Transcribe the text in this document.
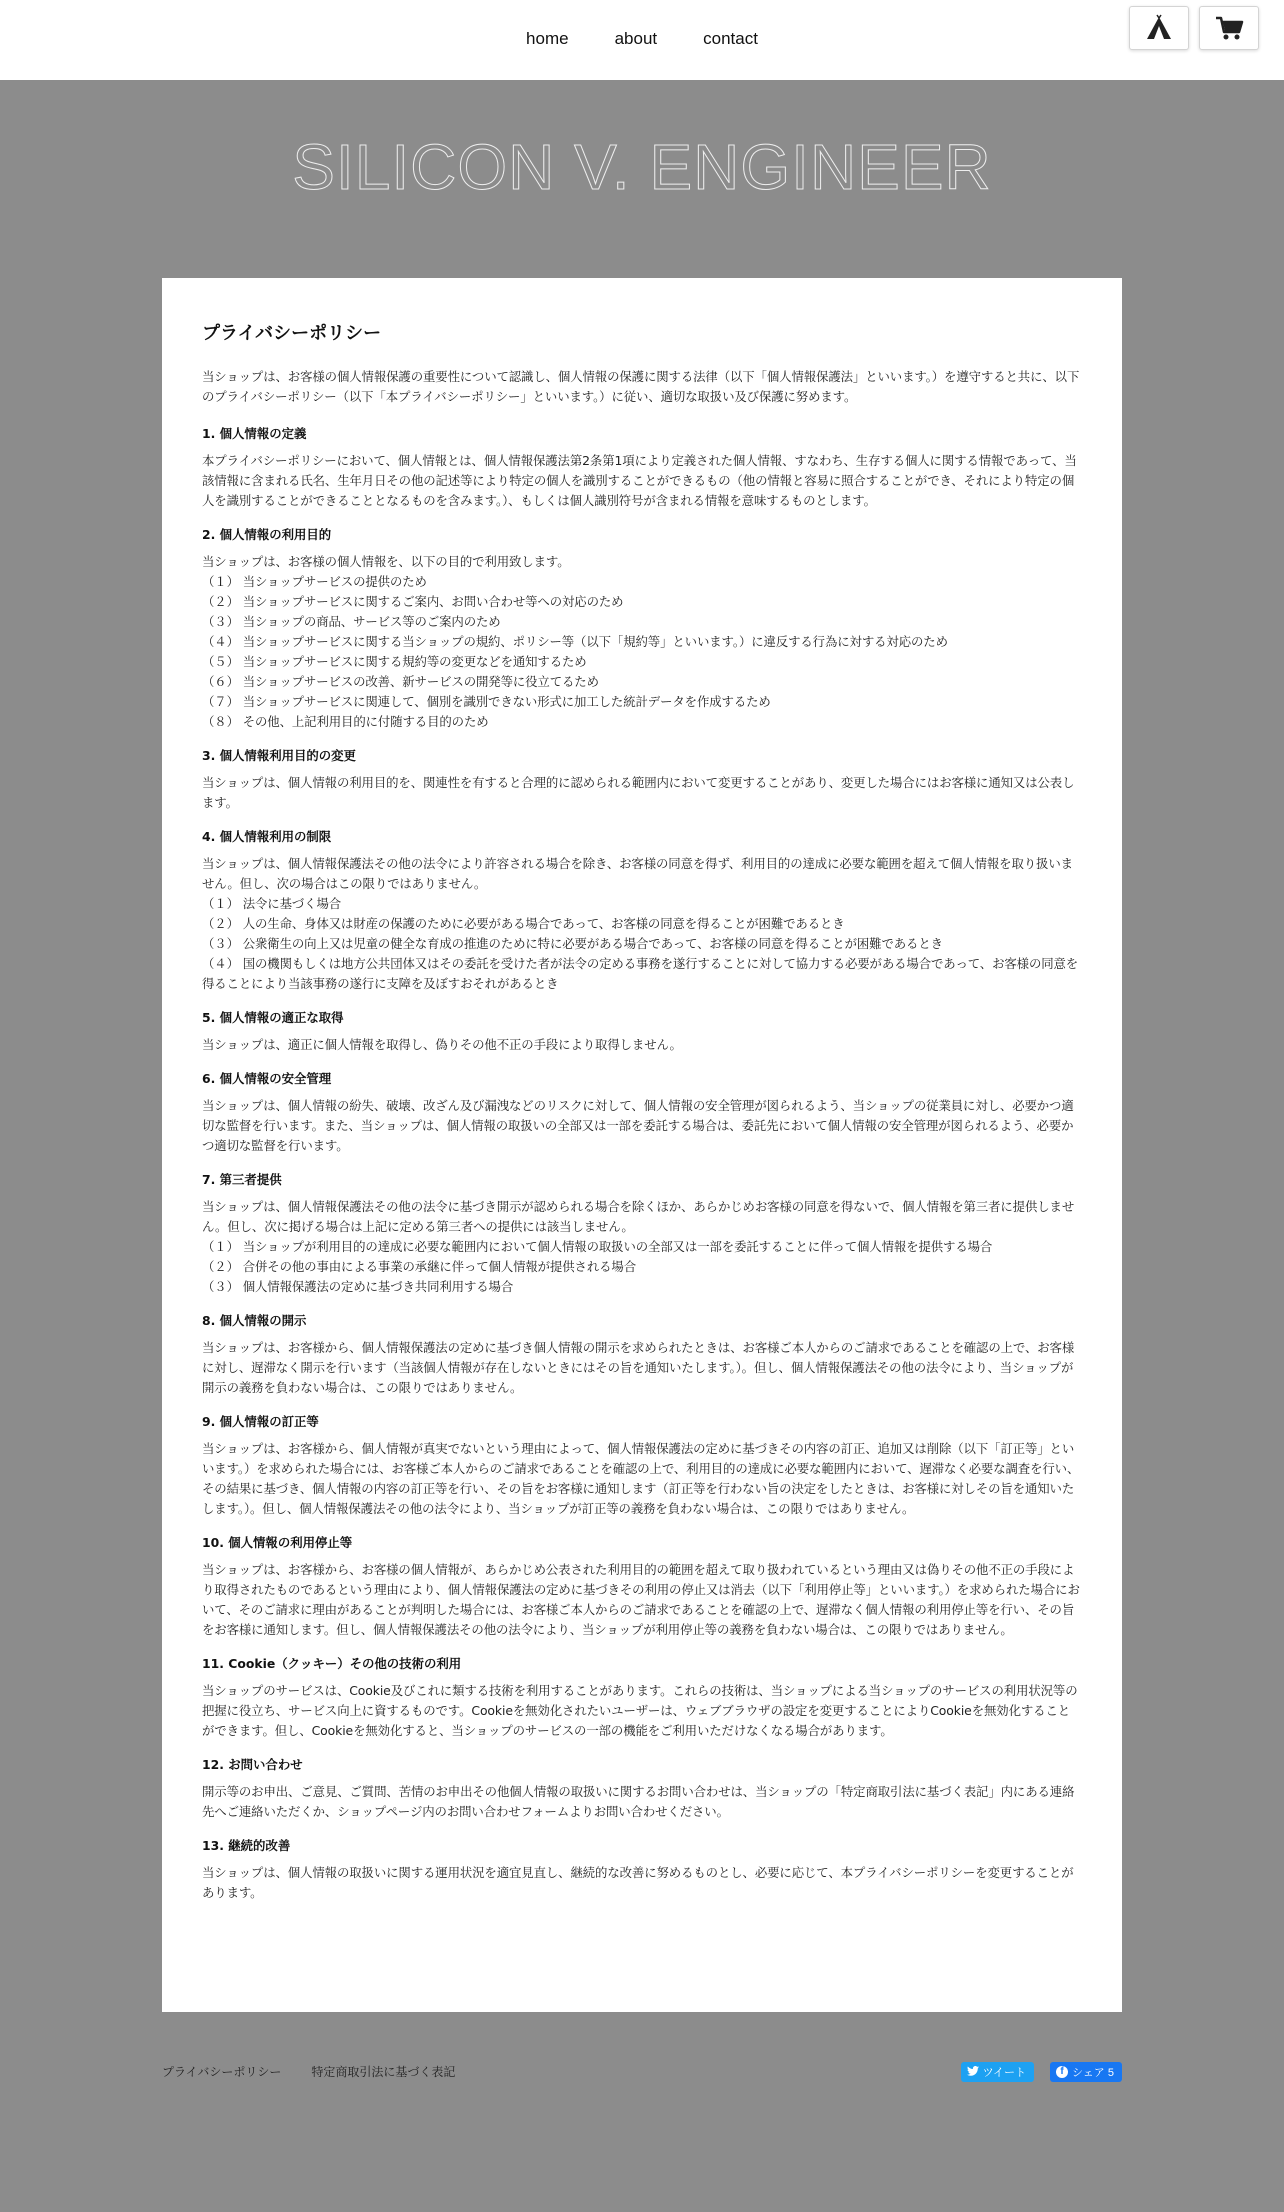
home	about	contact
SILICON V. ENGINEER
プライバシーポリシー

当ショップは、お客様の個人情報保護の重要性について認識し、個人情報の保護に関する法律（以下「個人情報保護法」といいます。）を遵守すると共に、以下のプライバシーポリシー（以下「本プライバシーポリシー」といいます。）に従い、適切な取扱い及び保護に努めます。

1. 個人情報の定義

本プライバシーポリシーにおいて、個人情報とは、個人情報保護法第2条第1項により定義された個人情報、すなわち、生存する個人に関する情報であって、当該情報に含まれる氏名、生年月日その他の記述等により特定の個人を識別することができるもの（他の情報と容易に照合することができ、それにより特定の個人を識別することができることとなるものを含みます。）、もしくは個人識別符号が含まれる情報を意味するものとします。

2. 個人情報の利用目的

当ショップは、お客様の個人情報を、以下の目的で利用致します。
（１） 当ショップサービスの提供のため
（２） 当ショップサービスに関するご案内、お問い合わせ等への対応のため
（３） 当ショップの商品、サービス等のご案内のため
（４） 当ショップサービスに関する当ショップの規約、ポリシー等（以下「規約等」といいます。）に違反する行為に対する対応のため
（５） 当ショップサービスに関する規約等の変更などを通知するため
（６） 当ショップサービスの改善、新サービスの開発等に役立てるため
（７） 当ショップサービスに関連して、個別を識別できない形式に加工した統計データを作成するため
（８） その他、上記利用目的に付随する目的のため

3. 個人情報利用目的の変更

当ショップは、個人情報の利用目的を、関連性を有すると合理的に認められる範囲内において変更することがあり、変更した場合にはお客様に通知又は公表します。

4. 個人情報利用の制限

当ショップは、個人情報保護法その他の法令により許容される場合を除き、お客様の同意を得ず、利用目的の達成に必要な範囲を超えて個人情報を取り扱いません。但し、次の場合はこの限りではありません。
（１） 法令に基づく場合
（２） 人の生命、身体又は財産の保護のために必要がある場合であって、お客様の同意を得ることが困難であるとき
（３） 公衆衛生の向上又は児童の健全な育成の推進のために特に必要がある場合であって、お客様の同意を得ることが困難であるとき
（４） 国の機関もしくは地方公共団体又はその委託を受けた者が法令の定める事務を遂行することに対して協力する必要がある場合であって、お客様の同意を得ることにより当該事務の遂行に支障を及ぼすおそれがあるとき

5. 個人情報の適正な取得

当ショップは、適正に個人情報を取得し、偽りその他不正の手段により取得しません。

6. 個人情報の安全管理

当ショップは、個人情報の紛失、破壊、改ざん及び漏洩などのリスクに対して、個人情報の安全管理が図られるよう、当ショップの従業員に対し、必要かつ適切な監督を行います。また、当ショップは、個人情報の取扱いの全部又は一部を委託する場合は、委託先において個人情報の安全管理が図られるよう、必要かつ適切な監督を行います。

7. 第三者提供

当ショップは、個人情報保護法その他の法令に基づき開示が認められる場合を除くほか、あらかじめお客様の同意を得ないで、個人情報を第三者に提供しません。但し、次に掲げる場合は上記に定める第三者への提供には該当しません。
（１） 当ショップが利用目的の達成に必要な範囲内において個人情報の取扱いの全部又は一部を委託することに伴って個人情報を提供する場合
（２） 合併その他の事由による事業の承継に伴って個人情報が提供される場合
（３） 個人情報保護法の定めに基づき共同利用する場合

8. 個人情報の開示

当ショップは、お客様から、個人情報保護法の定めに基づき個人情報の開示を求められたときは、お客様ご本人からのご請求であることを確認の上で、お客様に対し、遅滞なく開示を行います（当該個人情報が存在しないときにはその旨を通知いたします。）。但し、個人情報保護法その他の法令により、当ショップが開示の義務を負わない場合は、この限りではありません。

9. 個人情報の訂正等

当ショップは、お客様から、個人情報が真実でないという理由によって、個人情報保護法の定めに基づきその内容の訂正、追加又は削除（以下「訂正等」といいます。）を求められた場合には、お客様ご本人からのご請求であることを確認の上で、利用目的の達成に必要な範囲内において、遅滞なく必要な調査を行い、その結果に基づき、個人情報の内容の訂正等を行い、その旨をお客様に通知します（訂正等を行わない旨の決定をしたときは、お客様に対しその旨を通知いたします。）。但し、個人情報保護法その他の法令により、当ショップが訂正等の義務を負わない場合は、この限りではありません。

10. 個人情報の利用停止等

当ショップは、お客様から、お客様の個人情報が、あらかじめ公表された利用目的の範囲を超えて取り扱われているという理由又は偽りその他不正の手段により取得されたものであるという理由により、個人情報保護法の定めに基づきその利用の停止又は消去（以下「利用停止等」といいます。）を求められた場合において、そのご請求に理由があることが判明した場合には、お客様ご本人からのご請求であることを確認の上で、遅滞なく個人情報の利用停止等を行い、その旨をお客様に通知します。但し、個人情報保護法その他の法令により、当ショップが利用停止等の義務を負わない場合は、この限りではありません。

11. Cookie（クッキー）その他の技術の利用

当ショップのサービスは、Cookie及びこれに類する技術を利用することがあります。これらの技術は、当ショップによる当ショップのサービスの利用状況等の把握に役立ち、サービス向上に資するものです。Cookieを無効化されたいユーザーは、ウェブブラウザの設定を変更することによりCookieを無効化することができます。但し、Cookieを無効化すると、当ショップのサービスの一部の機能をご利用いただけなくなる場合があります。

12. お問い合わせ

開示等のお申出、ご意見、ご質問、苦情のお申出その他個人情報の取扱いに関するお問い合わせは、当ショップの「特定商取引法に基づく表記」内にある連絡先へご連絡いただくか、ショップページ内のお問い合わせフォームよりお問い合わせください。

13. 継続的改善

当ショップは、個人情報の取扱いに関する運用状況を適宜見直し、継続的な改善に努めるものとし、必要に応じて、本プライバシーポリシーを変更することがあります。

プライバシーポリシー	特定商取引法に基づく表記	ツイート	f シェア 5
